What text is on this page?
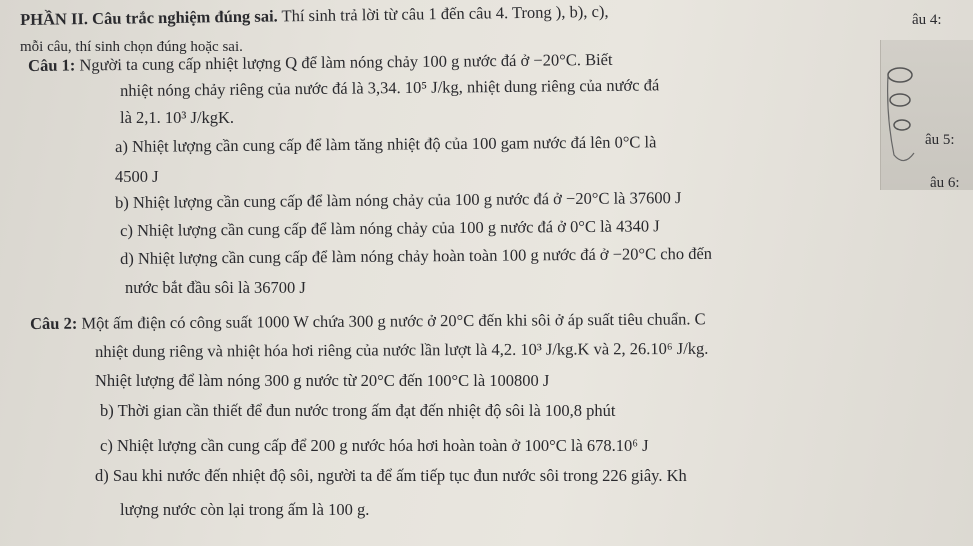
PHẦN II. Câu trắc nghiệm đúng sai. Thí sinh trả lời từ câu 1 đến câu 4. Trong ), b), c),
mỗi câu, thí sinh chọn đúng hoặc sai.
âu 4:
âu 5:
âu 6:
Câu 1: Người ta cung cấp nhiệt lượng Q để làm nóng chảy 100 g nước đá ở −20°C. Biết
nhiệt nóng chảy riêng của nước đá là 3,34. 10⁵ J/kg, nhiệt dung riêng của nước đá
là 2,1. 10³ J/kgK.
a) Nhiệt lượng cần cung cấp để làm tăng nhiệt độ của 100 gam nước đá lên 0°C là
4500 J
b) Nhiệt lượng cần cung cấp để làm nóng chảy của 100 g nước đá ở −20°C là 37600 J
c) Nhiệt lượng cần cung cấp để làm nóng chảy của 100 g nước đá ở 0°C là 4340 J
d) Nhiệt lượng cần cung cấp để làm nóng chảy hoàn toàn 100 g nước đá ở −20°C cho đến
nước bắt đầu sôi là 36700 J
Câu 2: Một ấm điện có công suất 1000 W chứa 300 g nước ở 20°C đến khi sôi ở áp suất tiêu chuẩn. C
nhiệt dung riêng và nhiệt hóa hơi riêng của nước lần lượt là 4,2. 10³ J/kg.K và 2, 26.10⁶ J/kg.
Nhiệt lượng để làm nóng 300 g nước từ 20°C đến 100°C là 100800 J
b) Thời gian cần thiết để đun nước trong ấm đạt đến nhiệt độ sôi là 100,8 phút
c) Nhiệt lượng cần cung cấp để 200 g nước hóa hơi hoàn toàn ở 100°C là 678.10⁶ J
d) Sau khi nước đến nhiệt độ sôi, người ta để ấm tiếp tục đun nước sôi trong 226 giây. Kh
lượng nước còn lại trong ấm là 100 g.
